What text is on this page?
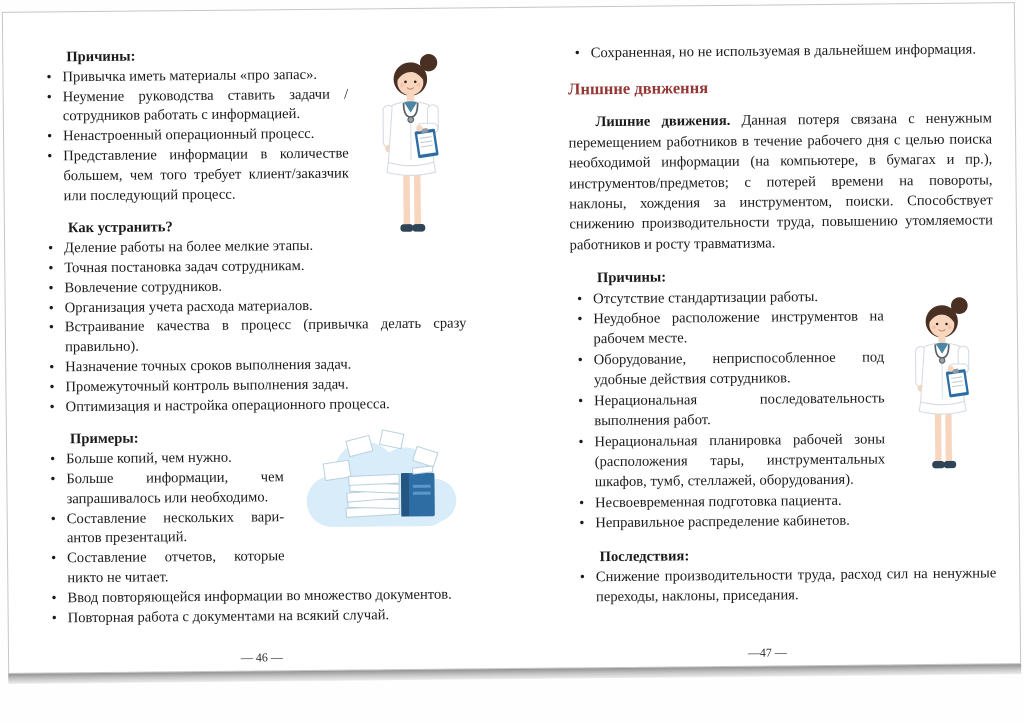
Причины:

• Привычка иметь материалы «про запас».
• Неумение руководства ставить задачи / сотрудников работать с информацией.
• Ненастроенный операционный процесс.
• Представление информации в количестве большем, чем того требует клиент/заказчик или последующий процесс.

Как устранить?

• Деление работы на более мелкие этапы.
• Точная постановка задач сотрудникам.
• Вовлечение сотрудников.
• Организация учета расхода материалов.
• Встраивание качества в процесс (привычка делать сразу правильно).
• Назначение точных сроков выполнения задач.
• Промежуточный контроль выполнения задач.
• Оптимизация и настройка операционного процесса.

Примеры:

• Больше копий, чем нужно.
• Больше информации, чем запрашивалось или необходимо.
• Составление нескольких вариантов презентаций.
• Составление отчетов, которые никто не читает.
• Ввод повторяющейся информации во множество документов.
• Повторная работа с документами на всякий случай.
— 46 —
• Сохраненная, но не используемая в дальнейшем информация.
Лншнне двнження

Лишние движения. Данная потеря связана с ненужным перемещением работников в течение рабочего дня с целью поиска необходимой информации (на компьютере, в бумагах и пр.), инструментов/предметов; с потерей времени на повороты, наклоны, хождения за инструментом, поиски. Способствует снижению производительности труда, повышению утомляемости работников и росту травматизма.

Причины:

• Отсутствие стандартизации работы.
• Неудобное расположение инструментов на рабочем месте.
• Оборудование, неприспособленное под удобные действия сотрудников.
• Нерациональная последовательность выполнения работ.
• Нерациональная планировка рабочей зоны (расположения тары, инструментальных шкафов, тумб, стеллажей, оборудования).
• Несвоевременная подготовка пациента.
• Неправильное распределение кабинетов.

Последствия:

• Снижение производительности труда, расход сил на ненужные переходы, наклоны, приседания.
—47 —
